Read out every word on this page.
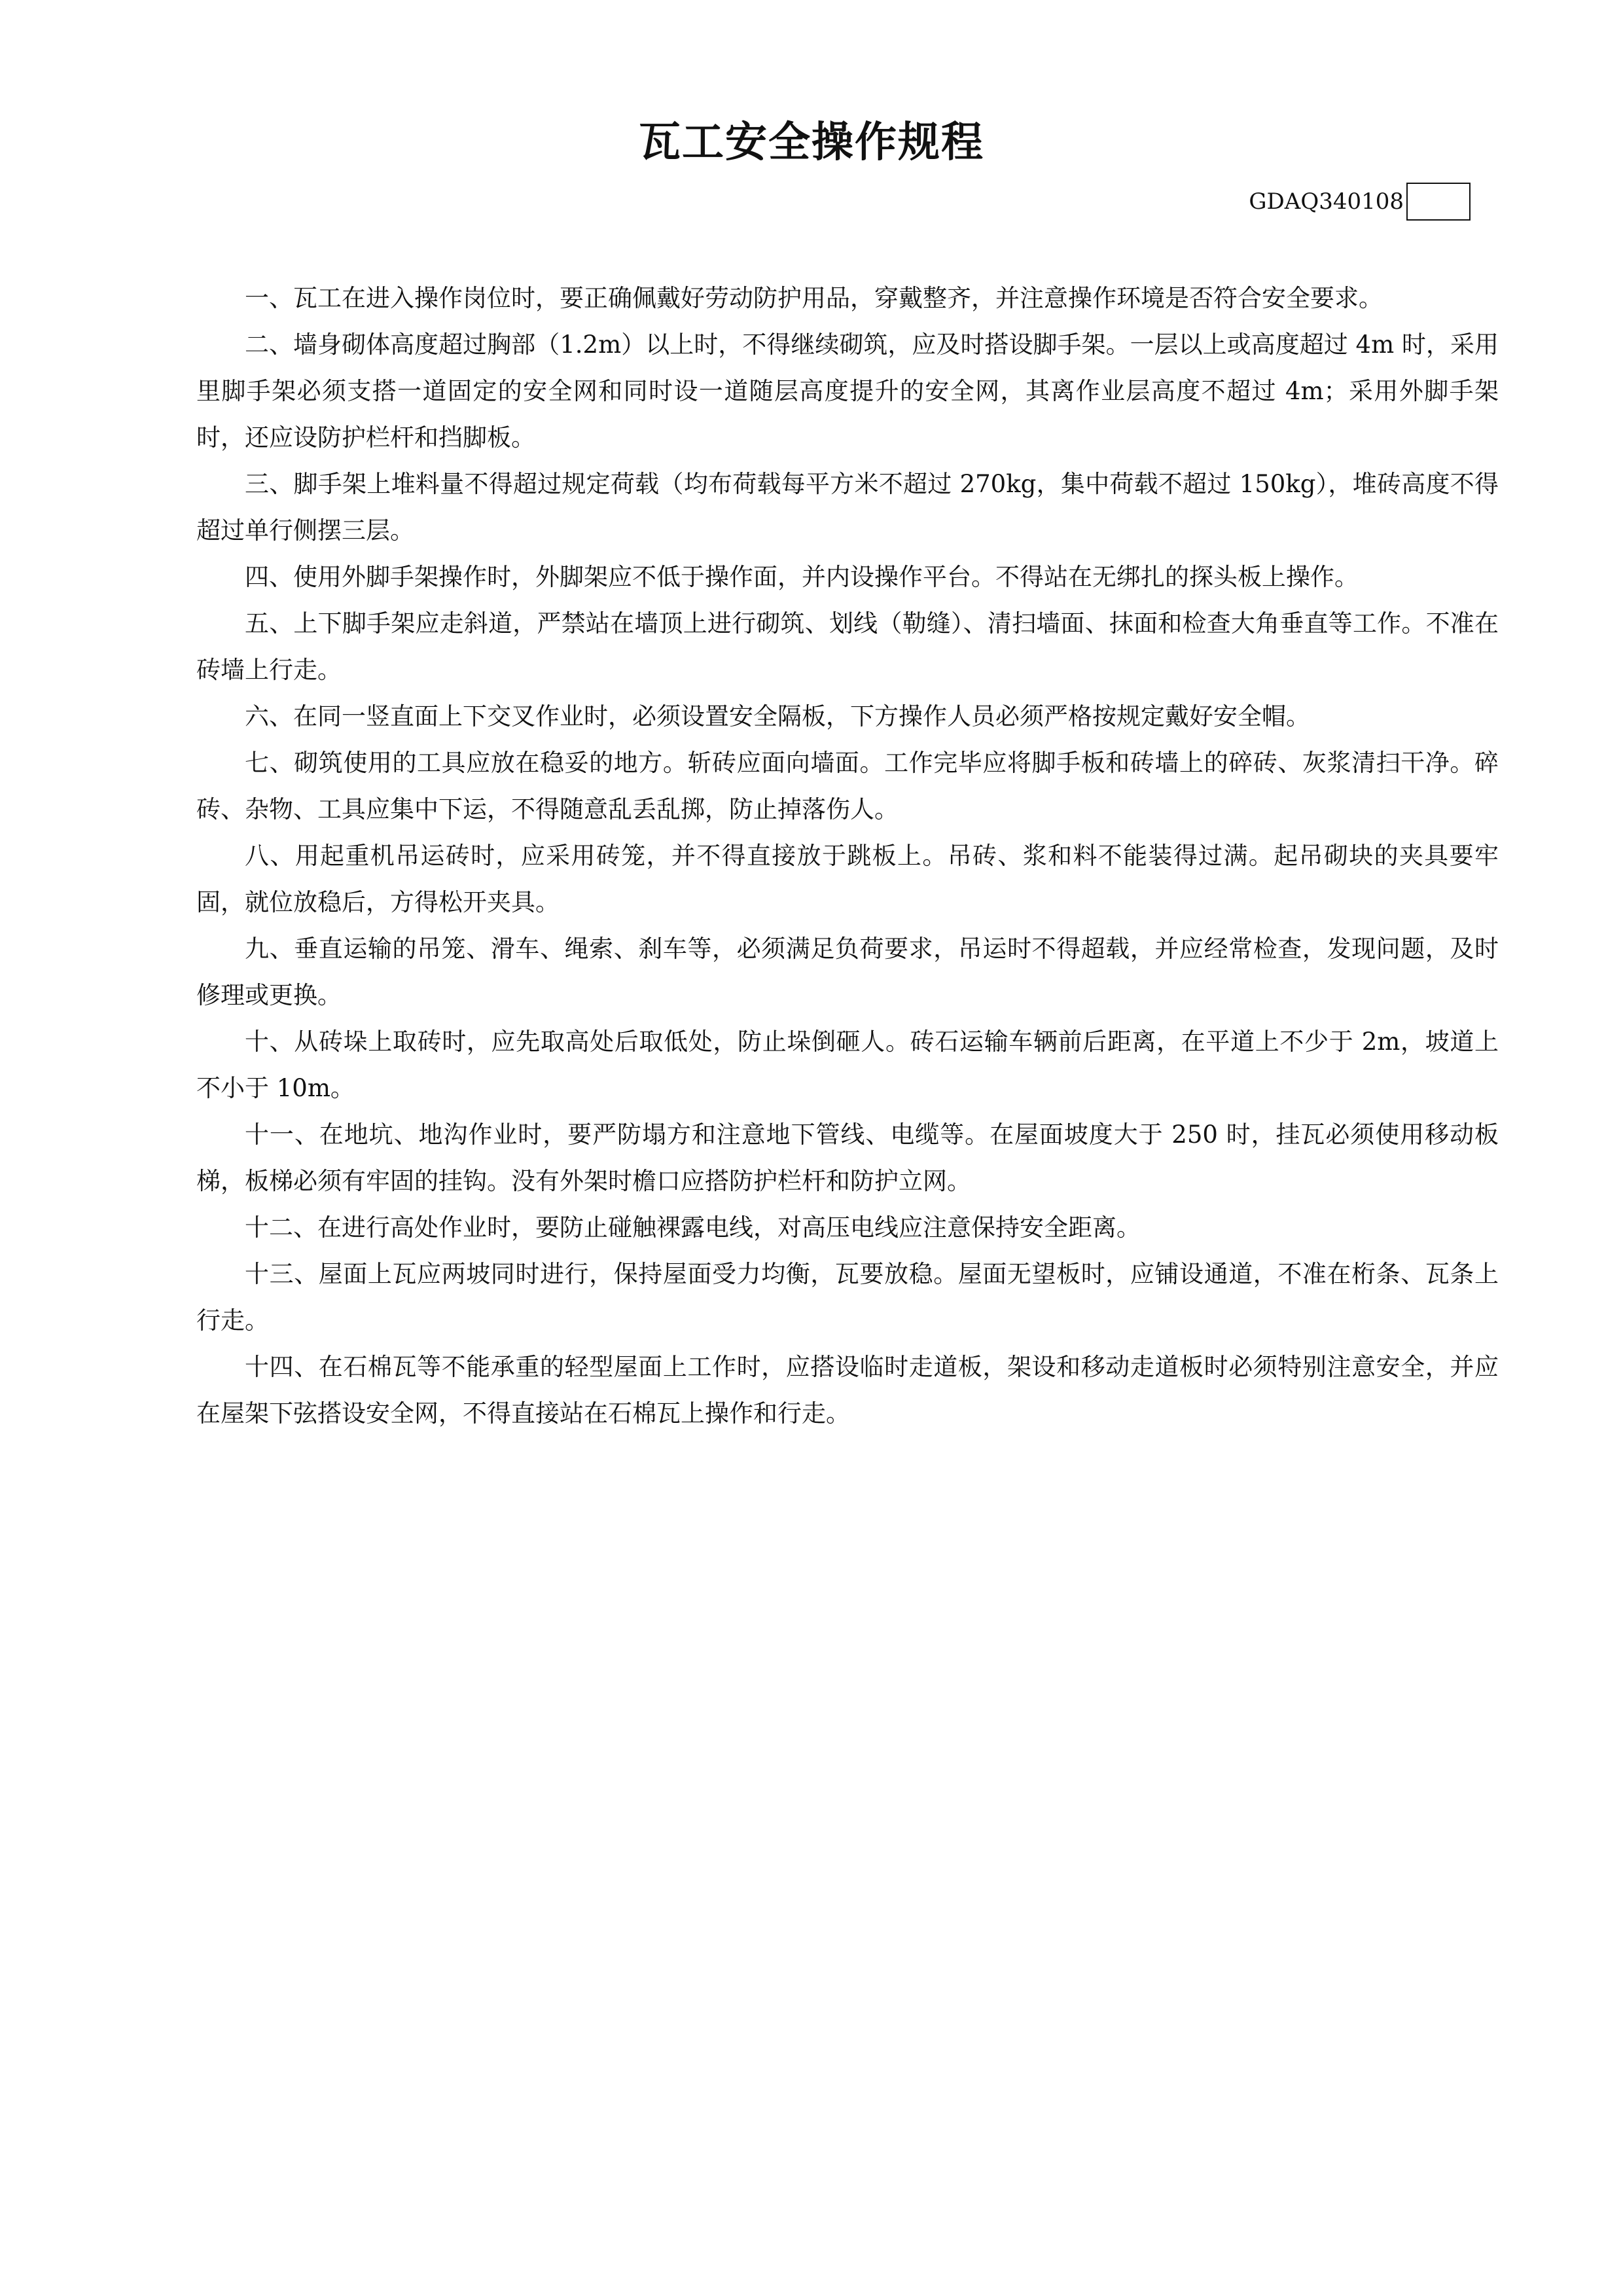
瓦工安全操作规程
GDAQ340108

一、瓦工在进入操作岗位时，要正确佩戴好劳动防护用品，穿戴整齐，并注意操作环境是否符合安全要求。

二、墙身砌体高度超过胸部（1.2m）以上时，不得继续砌筑，应及时搭设脚手架。一层以上或高度超过 4m 时，采用里脚手架必须支搭一道固定的安全网和同时设一道随层高度提升的安全网，其离作业层高度不超过 4m；采用外脚手架时，还应设防护栏杆和挡脚板。

三、脚手架上堆料量不得超过规定荷载（均布荷载每平方米不超过 270kg，集中荷载不超过 150kg），堆砖高度不得超过单行侧摆三层。

四、使用外脚手架操作时，外脚架应不低于操作面，并内设操作平台。不得站在无绑扎的探头板上操作。

五、上下脚手架应走斜道，严禁站在墙顶上进行砌筑、划线（勒缝）、清扫墙面、抹面和检查大角垂直等工作。不准在砖墙上行走。

六、在同一竖直面上下交叉作业时，必须设置安全隔板，下方操作人员必须严格按规定戴好安全帽。

七、砌筑使用的工具应放在稳妥的地方。斩砖应面向墙面。工作完毕应将脚手板和砖墙上的碎砖、灰浆清扫干净。碎砖、杂物、工具应集中下运，不得随意乱丢乱掷，防止掉落伤人。

八、用起重机吊运砖时，应采用砖笼，并不得直接放于跳板上。吊砖、浆和料不能装得过满。起吊砌块的夹具要牢固，就位放稳后，方得松开夹具。

九、垂直运输的吊笼、滑车、绳索、刹车等，必须满足负荷要求，吊运时不得超载，并应经常检查，发现问题，及时修理或更换。

十、从砖垛上取砖时，应先取高处后取低处，防止垛倒砸人。砖石运输车辆前后距离，在平道上不少于 2m，坡道上不小于 10m。

十一、在地坑、地沟作业时，要严防塌方和注意地下管线、电缆等。在屋面坡度大于 250 时，挂瓦必须使用移动板梯，板梯必须有牢固的挂钩。没有外架时檐口应搭防护栏杆和防护立网。

十二、在进行高处作业时，要防止碰触裸露电线，对高压电线应注意保持安全距离。

十三、屋面上瓦应两坡同时进行，保持屋面受力均衡，瓦要放稳。屋面无望板时，应铺设通道，不准在桁条、瓦条上行走。

十四、在石棉瓦等不能承重的轻型屋面上工作时，应搭设临时走道板，架设和移动走道板时必须特别注意安全，并应在屋架下弦搭设安全网，不得直接站在石棉瓦上操作和行走。
